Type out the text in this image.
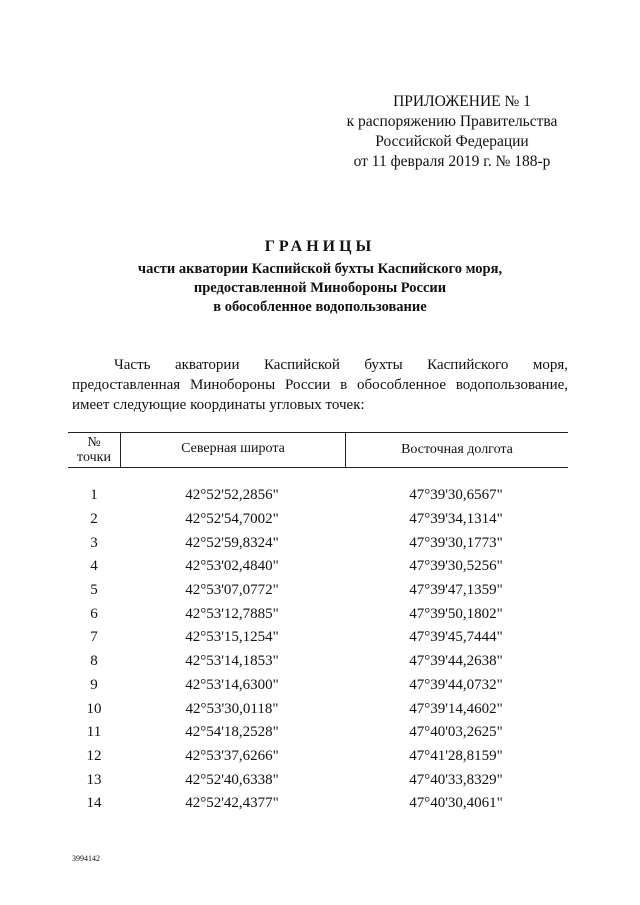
ПРИЛОЖЕНИЕ № 1
к распоряжению Правительства
Российской Федерации
от 11 февраля 2019 г. № 188-р
ГРАНИЦЫ
части акватории Каспийской бухты Каспийского моря,
предоставленной Минобороны России
в обособленное водопользование
Часть акватории Каспийской бухты Каспийского моря, предоставленная Минобороны России в обособленное водопользование, имеет следующие координаты угловых точек:
№
точки
Северная широта	Восточная долгота
1	42°52'52,2856"	47°39'30,6567"
2	42°52'54,7002"	47°39'34,1314"
3	42°52'59,8324"	47°39'30,1773"
4	42°53'02,4840"	47°39'30,5256"
5	42°53'07,0772"	47°39'47,1359"
6	42°53'12,7885"	47°39'50,1802"
7	42°53'15,1254"	47°39'45,7444"
8	42°53'14,1853"	47°39'44,2638"
9	42°53'14,6300"	47°39'44,0732"
10	42°53'30,0118"	47°39'14,4602"
11	42°54'18,2528"	47°40'03,2625"
12	42°53'37,6266"	47°41'28,8159"
13	42°52'40,6338"	47°40'33,8329"
14	42°52'42,4377"	47°40'30,4061"
3994142
